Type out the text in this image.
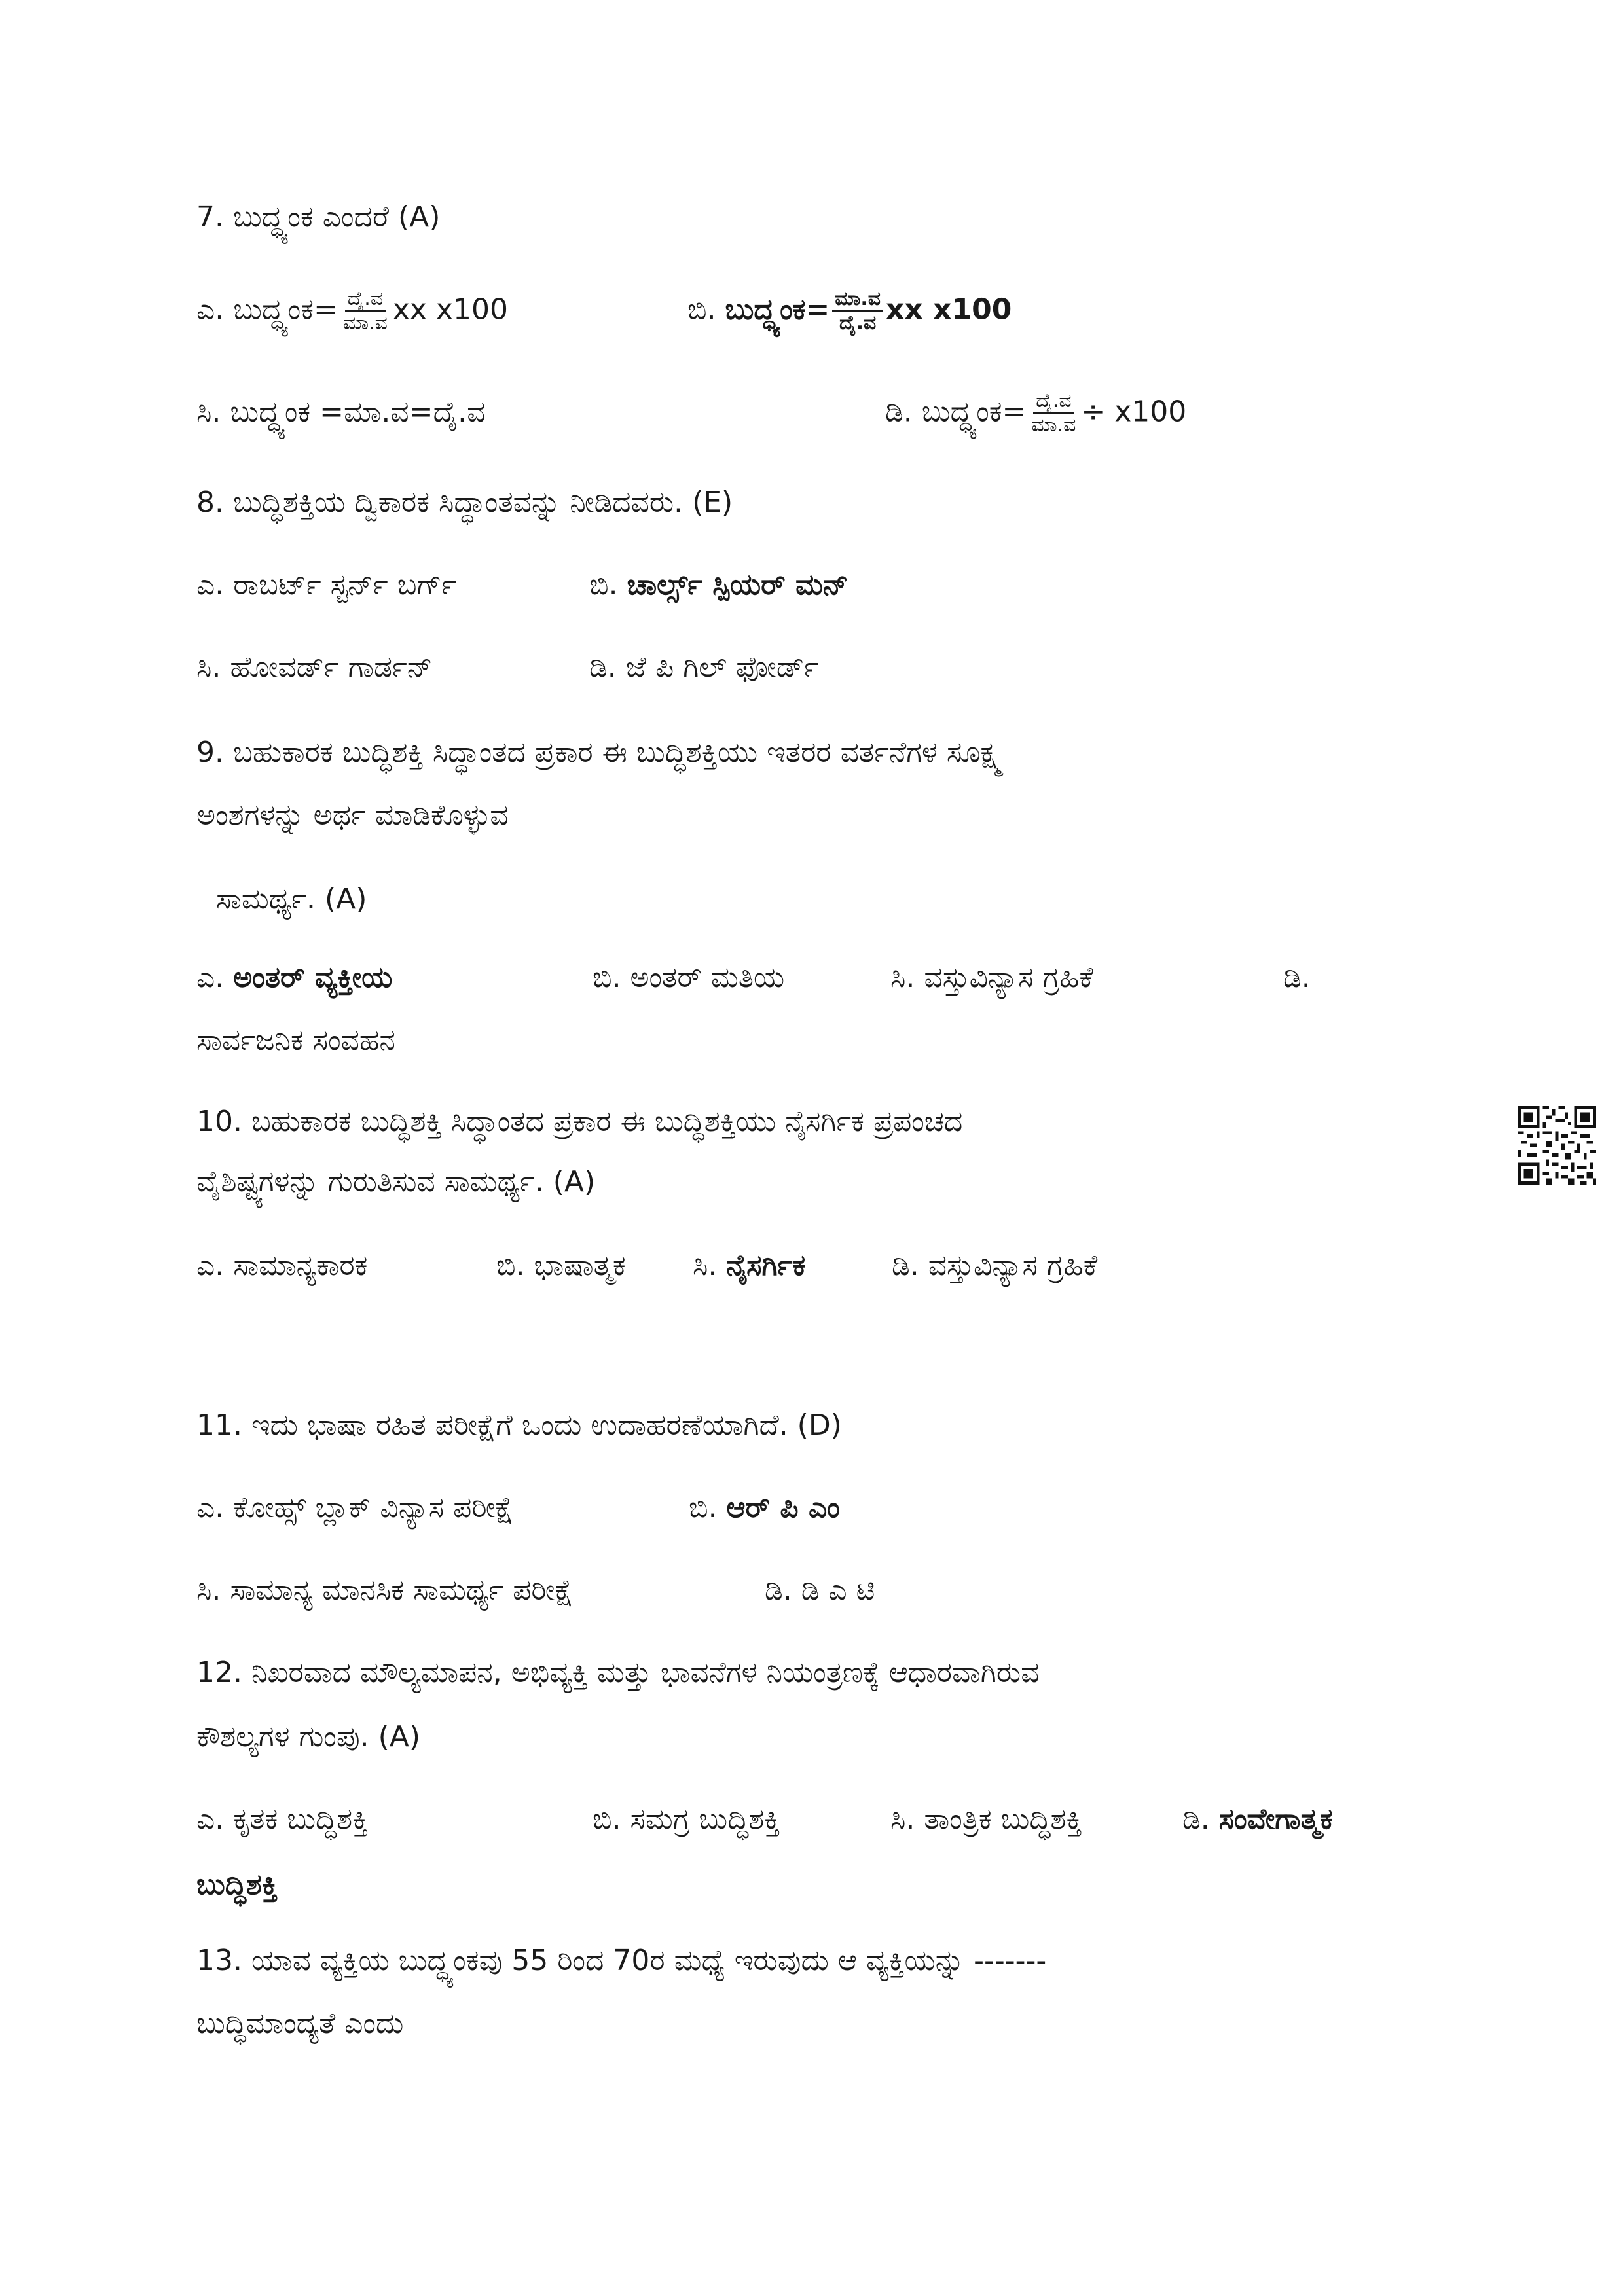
7. ಬುದ್ಧ್ಯಂಕ ಎಂದರೆ (A)
ಎ. ಬುದ್ಧ್ಯಂಕ= $\frac{\text{ದೈ.ವ}}{\text{ಮಾ.ವ}}$ xx x100	ಬಿ. ಬುದ್ಧ್ಯಂಕ= $\frac{\text{ಮಾ.ವ}}{\text{ದೈ.ವ}}$ xx x100
ಸಿ. ಬುದ್ಧ್ಯಂಕ =ಮಾ.ವ=ದೈ.ವ	ಡಿ. ಬುದ್ಧ್ಯಂಕ= $\frac{\text{ದೈ.ವ}}{\text{ಮಾ.ವ}} \div x100$
8. ಬುದ್ಧಿಶಕ್ತಿಯ ದ್ವಿಕಾರಕ ಸಿದ್ಧಾಂತವನ್ನು ನೀಡಿದವರು. (E)
ಎ. ರಾಬರ್ಟ್ ಸ್ಟರ್ನ್ ಬರ್ಗ್	ಬಿ. ಚಾರ್ಲ್ಸ್ ಸ್ಪಿಯರ್ ಮನ್
ಸಿ. ಹೋವರ್ಡ್ ಗಾರ್ಡನ್	ಡಿ. ಜೆ ಪಿ ಗಿಲ್ ಫೋರ್ಡ್
9. ಬಹುಕಾರಕ ಬುದ್ಧಿಶಕ್ತಿ ಸಿದ್ಧಾಂತದ ಪ್ರಕಾರ ಈ ಬುದ್ಧಿಶಕ್ತಿಯು ಇತರರ ವರ್ತನೆಗಳ ಸೂಕ್ಷ್ಮ
ಅಂಶಗಳನ್ನು ಅರ್ಥ ಮಾಡಿಕೊಳ್ಳುವ
ಸಾಮರ್ಥ್ಯ. (A)
ಎ. ಅಂತರ್ ವ್ಯಕ್ತೀಯ	ಬಿ. ಅಂತರ್ ಮತಿಯ	ಸಿ. ವಸ್ತುವಿನ್ಯಾಸ ಗ್ರಹಿಕೆ	ಡಿ.
ಸಾರ್ವಜನಿಕ ಸಂವಹನ
10. ಬಹುಕಾರಕ ಬುದ್ಧಿಶಕ್ತಿ ಸಿದ್ಧಾಂತದ ಪ್ರಕಾರ ಈ ಬುದ್ಧಿಶಕ್ತಿಯು ನೈಸರ್ಗಿಕ ಪ್ರಪಂಚದ
ವೈಶಿಷ್ಟ್ಯಗಳನ್ನು ಗುರುತಿಸುವ ಸಾಮರ್ಥ್ಯ. (A)
ಎ. ಸಾಮಾನ್ಯಕಾರಕ	ಬಿ. ಭಾಷಾತ್ಮಕ ಸಿ. ನೈಸರ್ಗಿಕ	ಡಿ. ವಸ್ತುವಿನ್ಯಾಸ ಗ್ರಹಿಕೆ
11. ಇದು ಭಾಷಾ ರಹಿತ ಪರೀಕ್ಷೆಗೆ ಒಂದು ಉದಾಹರಣೆಯಾಗಿದೆ. (D)
ಎ. ಕೋಹ್ಸ್ ಬ್ಲಾಕ್ ವಿನ್ಯಾಸ ಪರೀಕ್ಷೆ	ಬಿ. ಆರ್ ಪಿ ಎಂ
ಸಿ. ಸಾಮಾನ್ಯ ಮಾನಸಿಕ ಸಾಮರ್ಥ್ಯ ಪರೀಕ್ಷೆ	ಡಿ. ಡಿ ಎ ಟಿ
12. ನಿಖರವಾದ ಮೌಲ್ಯಮಾಪನ, ಅಭಿವ್ಯಕ್ತಿ ಮತ್ತು ಭಾವನೆಗಳ ನಿಯಂತ್ರಣಕ್ಕೆ ಆಧಾರವಾಗಿರುವ
ಕೌಶಲ್ಯಗಳ ಗುಂಪು. (A)
ಎ. ಕೃತಕ ಬುದ್ಧಿಶಕ್ತಿ	ಬಿ. ಸಮಗ್ರ ಬುದ್ಧಿಶಕ್ತಿ	ಸಿ. ತಾಂತ್ರಿಕ ಬುದ್ಧಿಶಕ್ತಿ	ಡಿ. ಸಂವೇಗಾತ್ಮಕ
ಬುದ್ಧಿಶಕ್ತಿ
13. ಯಾವ ವ್ಯಕ್ತಿಯ ಬುದ್ಧ್ಯಂಕವು 55 ರಿಂದ 70ರ ಮಧ್ಯೆ ಇರುವುದು ಆ ವ್ಯಕ್ತಿಯನ್ನು -------
ಬುದ್ಧಿಮಾಂದ್ಯತೆ ಎಂದು
